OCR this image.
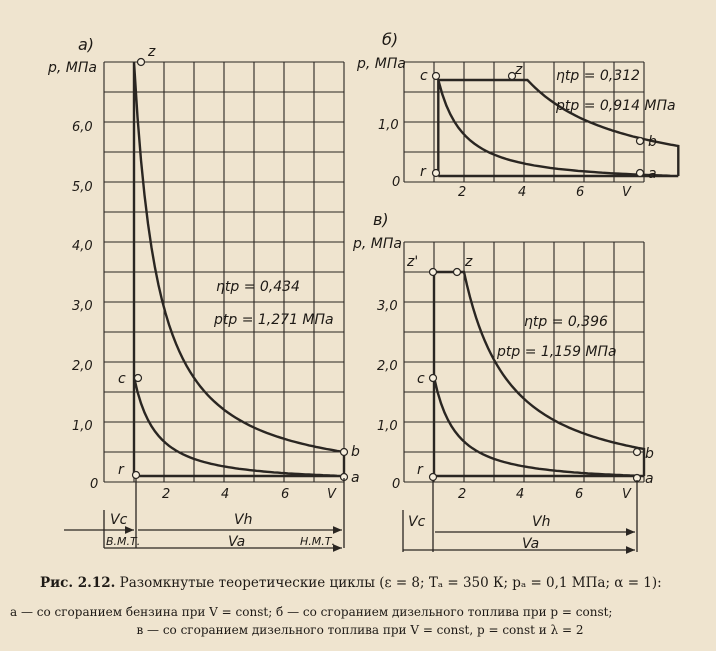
а)
p, МПа
6,0
5,0
4,0
3,0
2,0
1,0
0
2	4	6	V
z
c
r
b
a
ηtp = 0,434
ptp = 1,271 МПа
Vc	Vh
Va
В.М.Т.	Н.М.Т.
б)
p, МПа
1,0
0
2	4	6	V
c	z
r
b
a
ηtp = 0,312
ptp = 0,914 МПа
в)
p, МПа
3,0
2,0
1,0
0
2	4	6	V
z'	z
c
r
b
a
ηtp = 0,396
ptp = 1,159 МПа
Vc	Vh
Va
Рис. 2.12. Разомкнутые теоретические циклы (ε = 8; Tₐ = 350 К; pₐ = 0,1 МПа; α = 1):
а — со сгоранием бензина при V = const; б — со сгоранием дизельного топлива при p = const;
в — со сгоранием дизельного топлива при V = const, p = const и λ = 2
